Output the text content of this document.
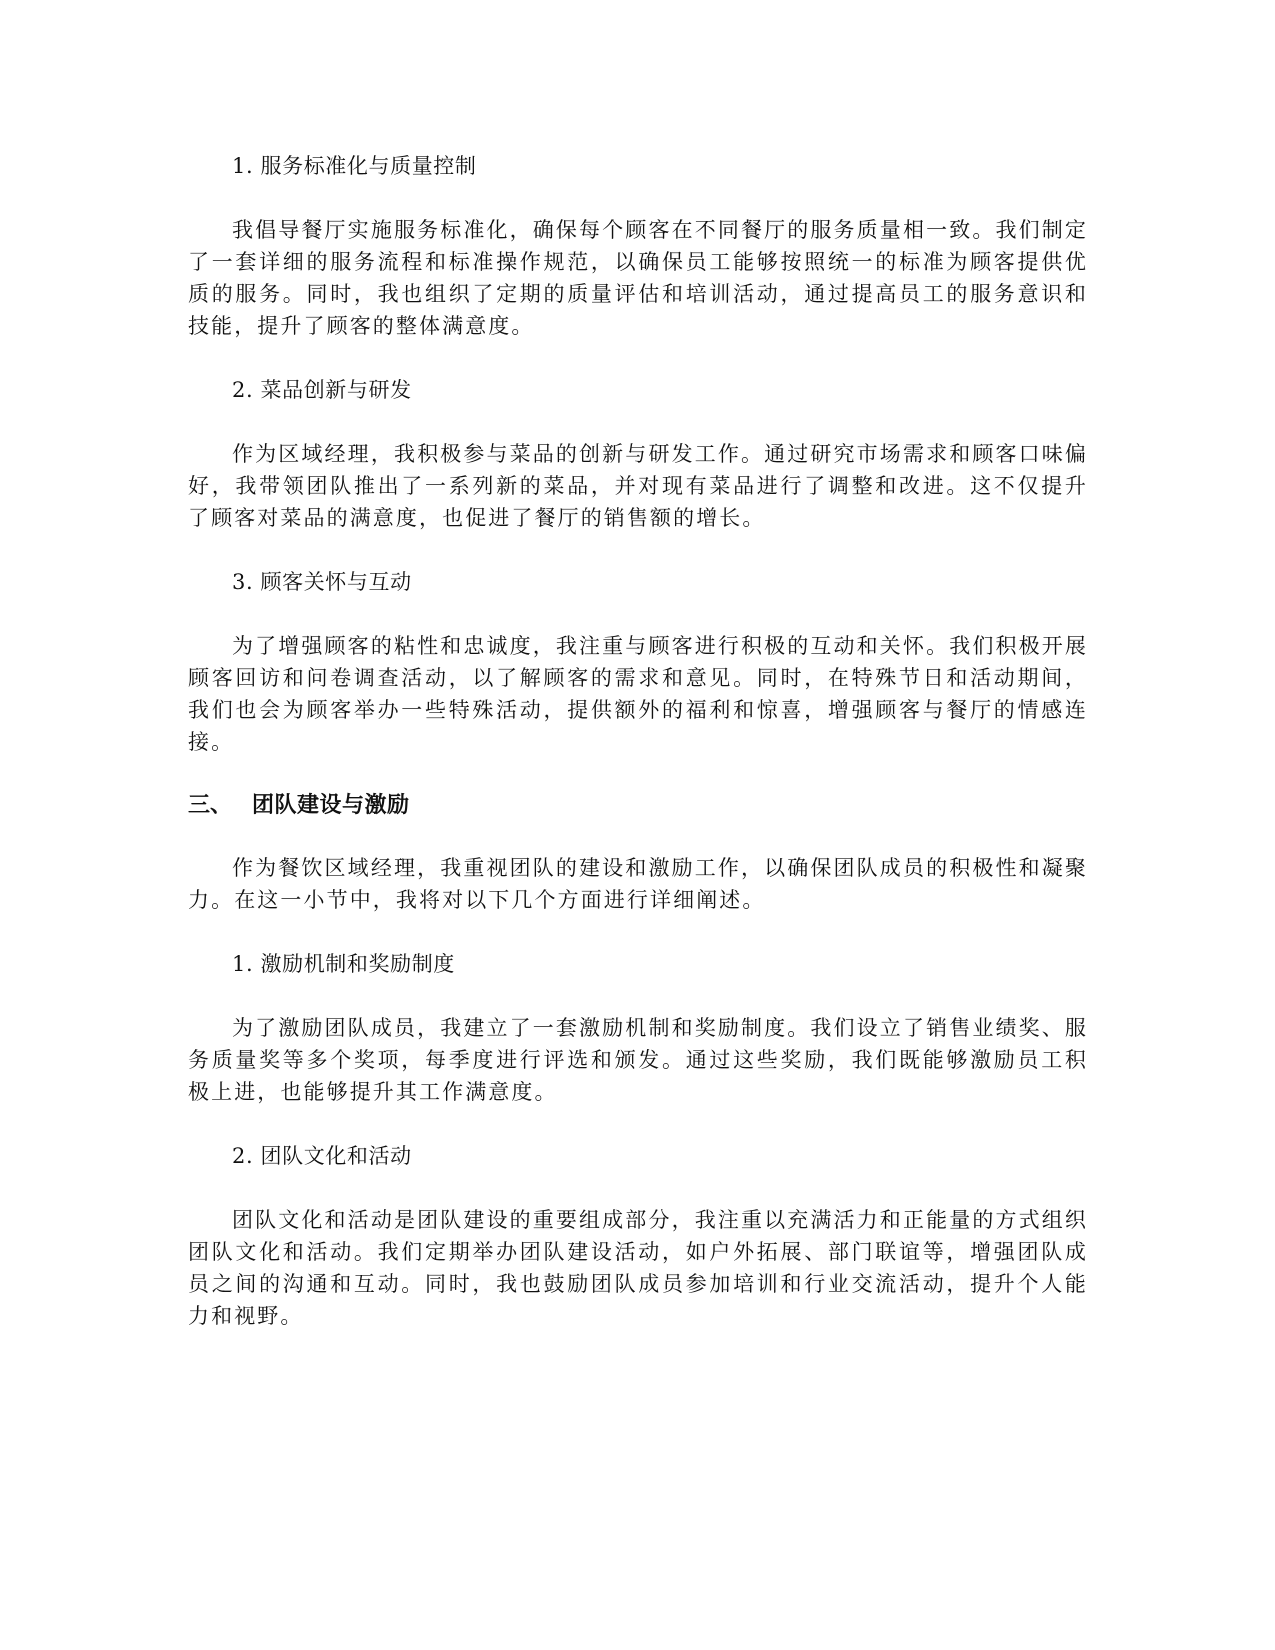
1. 服务标准化与质量控制

我倡导餐厅实施服务标准化，确保每个顾客在不同餐厅的服务质量相一致。我们制定了一套详细的服务流程和标准操作规范，以确保员工能够按照统一的标准为顾客提供优质的服务。同时，我也组织了定期的质量评估和培训活动，通过提高员工的服务意识和技能，提升了顾客的整体满意度。

2. 菜品创新与研发

作为区域经理，我积极参与菜品的创新与研发工作。通过研究市场需求和顾客口味偏好，我带领团队推出了一系列新的菜品，并对现有菜品进行了调整和改进。这不仅提升了顾客对菜品的满意度，也促进了餐厅的销售额的增长。

3. 顾客关怀与互动

为了增强顾客的粘性和忠诚度，我注重与顾客进行积极的互动和关怀。我们积极开展顾客回访和问卷调查活动，以了解顾客的需求和意见。同时，在特殊节日和活动期间，我们也会为顾客举办一些特殊活动，提供额外的福利和惊喜，增强顾客与餐厅的情感连接。

三、 团队建设与激励

作为餐饮区域经理，我重视团队的建设和激励工作，以确保团队成员的积极性和凝聚力。在这一小节中，我将对以下几个方面进行详细阐述。

1. 激励机制和奖励制度

为了激励团队成员，我建立了一套激励机制和奖励制度。我们设立了销售业绩奖、服务质量奖等多个奖项，每季度进行评选和颁发。通过这些奖励，我们既能够激励员工积极上进，也能够提升其工作满意度。

2. 团队文化和活动

团队文化和活动是团队建设的重要组成部分，我注重以充满活力和正能量的方式组织团队文化和活动。我们定期举办团队建设活动，如户外拓展、部门联谊等，增强团队成员之间的沟通和互动。同时，我也鼓励团队成员参加培训和行业交流活动，提升个人能力和视野。
